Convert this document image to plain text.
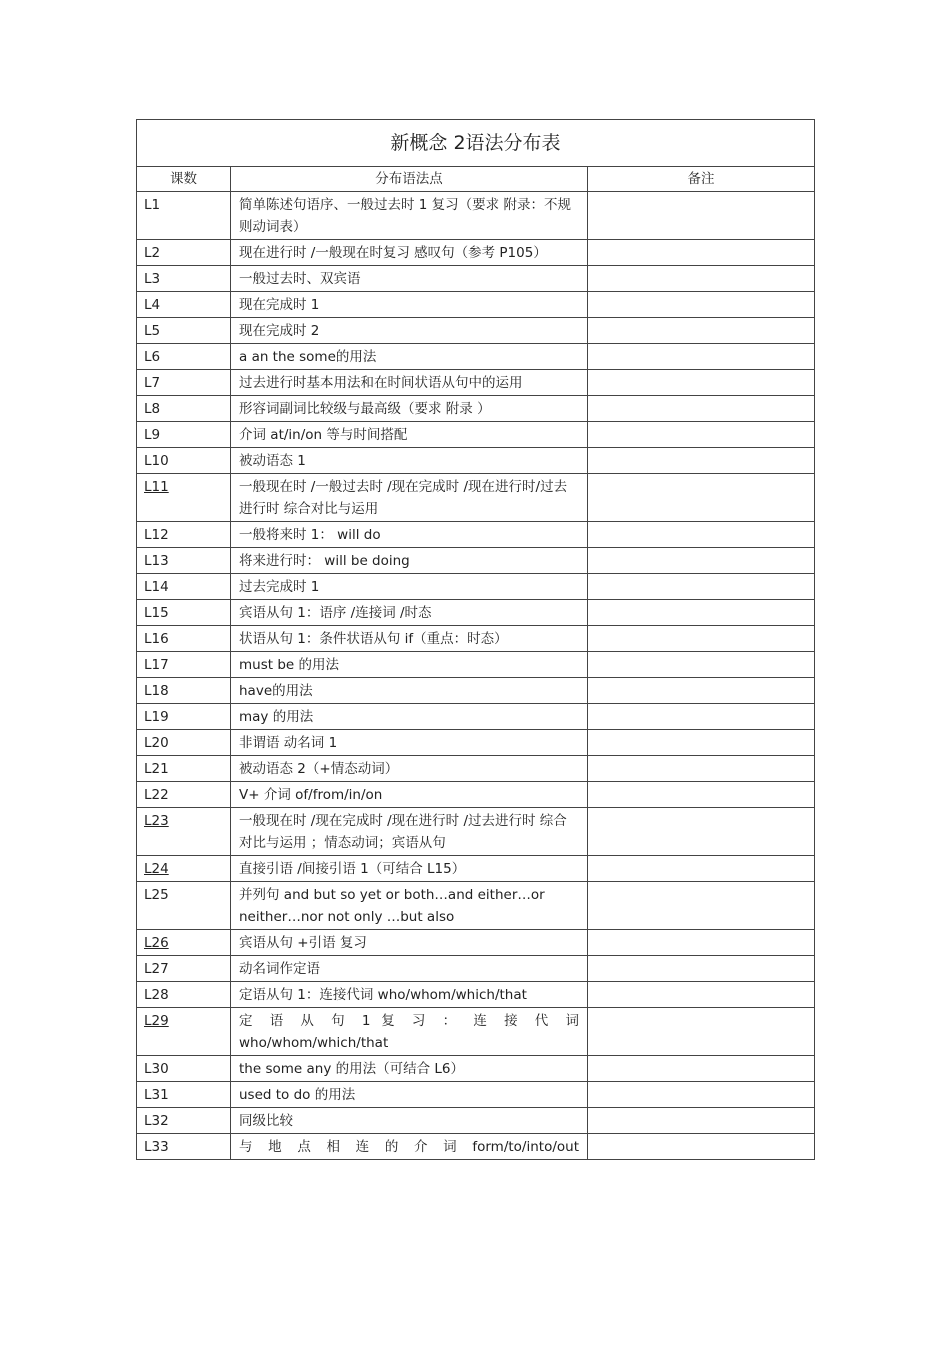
新概念 2语法分布表		
课数	分布语法点	备注
L1	简单陈述句语序、一般过去时 1 复习（要求 附录：不规则动词表）	
L2	现在进行时 /一般现在时复习 感叹句（参考 P105）	
L3	一般过去时、双宾语	
L4	现在完成时 1	
L5	现在完成时 2	
L6	a an the some的用法	
L7	过去进行时基本用法和在时间状语从句中的运用	
L8	形容词副词比较级与最高级（要求 附录 ）	
L9	介词 at/in/on 等与时间搭配	
L10	被动语态 1	
L11	一般现在时 /一般过去时 /现在完成时 /现在进行时/过去进行时 综合对比与运用	
L12	一般将来时 1： will do	
L13	将来进行时： will be doing	
L14	过去完成时 1	
L15	宾语从句 1：语序 /连接词 /时态	
L16	状语从句 1：条件状语从句 if（重点：时态）	
L17	must be 的用法	
L18	have的用法	
L19	may 的用法	
L20	非谓语 动名词 1	
L21	被动语态 2（+情态动词）	
L22	V+ 介词 of/from/in/on	
L23	一般现在时 /现在完成时 /现在进行时 /过去进行时 综合对比与运用 ；情态动词；宾语从句	
L24	直接引语 /间接引语 1（可结合 L15）	
L25	并列句 and but so yet or both…and either…or neither…nor not only …but also	
L26	宾语从句 +引语 复习	
L27	动名词作定语	
L28	定语从句 1：连接代词 who/whom/which/that	
L29	定 语 从 句 1 复 习 ： 连 接 代 词 who/whom/which/that	
L30	the some any 的用法（可结合 L6）	
L31	used to do 的用法	
L32	同级比较	
L33	与 地 点 相 连 的 介 词 form/to/into/out	
